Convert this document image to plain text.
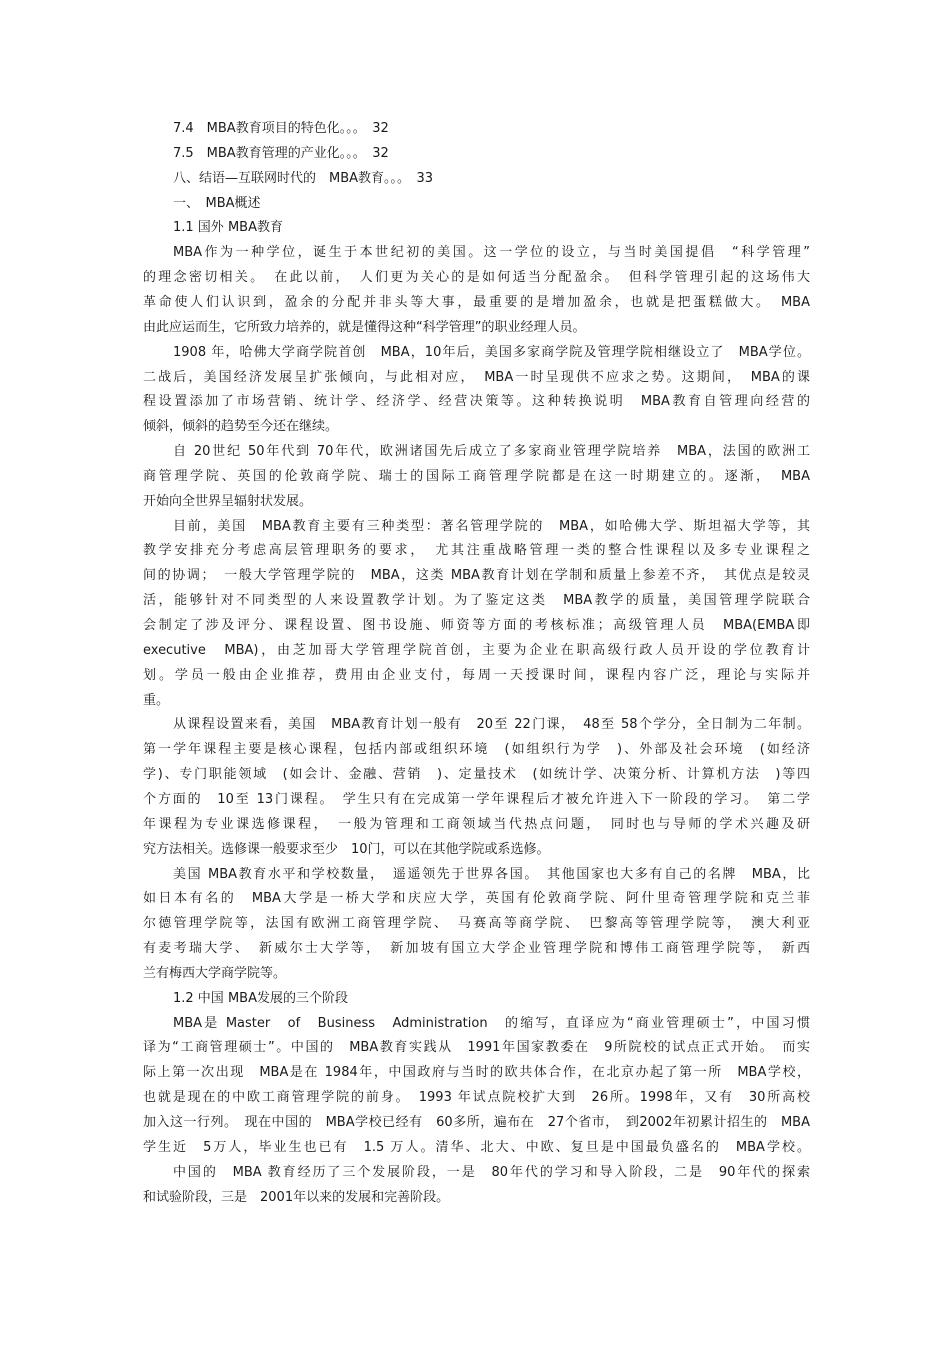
7.4　MBA教育项目的特色化。。。　32
7.5　MBA教育管理的产业化。。。　32
八、结语—互联网时代的　MBA教育。。。　33
一、　MBA概述
1.1 国外 MBA教育
MBA作为一种学位，诞生于本世纪初的美国。这一学位的设立，与当时美国提倡　“科学管理”
的理念密切相关。　在此以前，　人们更为关心的是如何适当分配盈余。　但科学管理引起的这场伟大
革命使人们认识到，盈余的分配并非头等大事，最重要的是增加盈余，也就是把蛋糕做大。　MBA
由此应运而生，它所致力培养的，就是懂得这种“科学管理”的职业经理人员。
1908 年，哈佛大学商学院首创　MBA，10年后，美国多家商学院及管理学院相继设立了　MBA学位。
二战后，美国经济发展呈扩张倾向，与此相对应，　MBA一时呈现供不应求之势。这期间，　MBA的课
程设置添加了市场营销、统计学、经济学、经营决策等。这种转换说明　MBA教育自管理向经营的
倾斜，倾斜的趋势至今还在继续。
自 20世纪 50年代到 70年代，欧洲诸国先后成立了多家商业管理学院培养　MBA，法国的欧洲工
商管理学院、英国的伦敦商学院、瑞士的国际工商管理学院都是在这一时期建立的。逐渐，　MBA
开始向全世界呈辐射状发展。
目前，美国　MBA教育主要有三种类型：著名管理学院的　MBA，如哈佛大学、斯坦福大学等，其
教学安排充分考虑高层管理职务的要求，　尤其注重战略管理一类的整合性课程以及多专业课程之
间的协调；　一般大学管理学院的　MBA，这类 MBA教育计划在学制和质量上参差不齐，　其优点是较灵
活，能够针对不同类型的人来设置教学计划。为了鉴定这类　MBA教学的质量，美国管理学院联合
会制定了涉及评分、课程设置、图书设施、师资等方面的考核标准；高级管理人员　MBA(EMBA即
executive　MBA)，由芝加哥大学管理学院首创，主要为企业在职高级行政人员开设的学位教育计
划。学员一般由企业推荐，费用由企业支付，每周一天授课时间，课程内容广泛，理论与实际并
重。
从课程设置来看，美国　MBA教育计划一般有　20至 22门课，　48至 58个学分，全日制为二年制。
第一学年课程主要是核心课程，包括内部或组织环境　(如组织行为学　)、外部及社会环境　(如经济
学)、专门职能领域　(如会计、金融、营销　)、定量技术　(如统计学、决策分析、计算机方法　)等四
个方面的　10至 13门课程。　学生只有在完成第一学年课程后才被允许进入下一阶段的学习。　第二学
年课程为专业课选修课程，　一般为管理和工商领域当代热点问题，　同时也与导师的学术兴趣及研
究方法相关。选修课一般要求至少　10门，可以在其他学院或系选修。
美国 MBA教育水平和学校数量，　遥遥领先于世界各国。　其他国家也大多有自己的名牌　MBA，比
如日本有名的　MBA大学是一桥大学和庆应大学，英国有伦敦商学院、阿什里奇管理学院和克兰菲
尔德管理学院等，法国有欧洲工商管理学院、　马赛高等商学院、　巴黎高等管理学院等，　澳大利亚
有麦考瑞大学、　新威尔士大学等，　新加坡有国立大学企业管理学院和博伟工商管理学院等，　新西
兰有梅西大学商学院等。
1.2 中国 MBA发展的三个阶段
MBA是 Master　of　Business　Administration　的缩写，直译应为“商业管理硕士”，中国习惯
译为“工商管理硕士”。中国的　MBA教育实践从　1991年国家教委在　9所院校的试点正式开始。　而实
际上第一次出现　MBA是在 1984年，中国政府与当时的欧共体合作，在北京办起了第一所　MBA学校，
也就是现在的中欧工商管理学院的前身。　1993 年试点院校扩大到　26所。1998年，又有　30所高校
加入这一行列。　现在中国的　MBA学校已经有　60多所，遍布在　27个省市，　到2002年初累计招生的　MBA
学生近　5万人，毕业生也已有　1.5 万人。清华、北大、中欧、复旦是中国最负盛名的　MBA学校。
中国的　MBA 教育经历了三个发展阶段，一是　80年代的学习和导入阶段，二是　90年代的探索
和试验阶段，三是　2001年以来的发展和完善阶段。
